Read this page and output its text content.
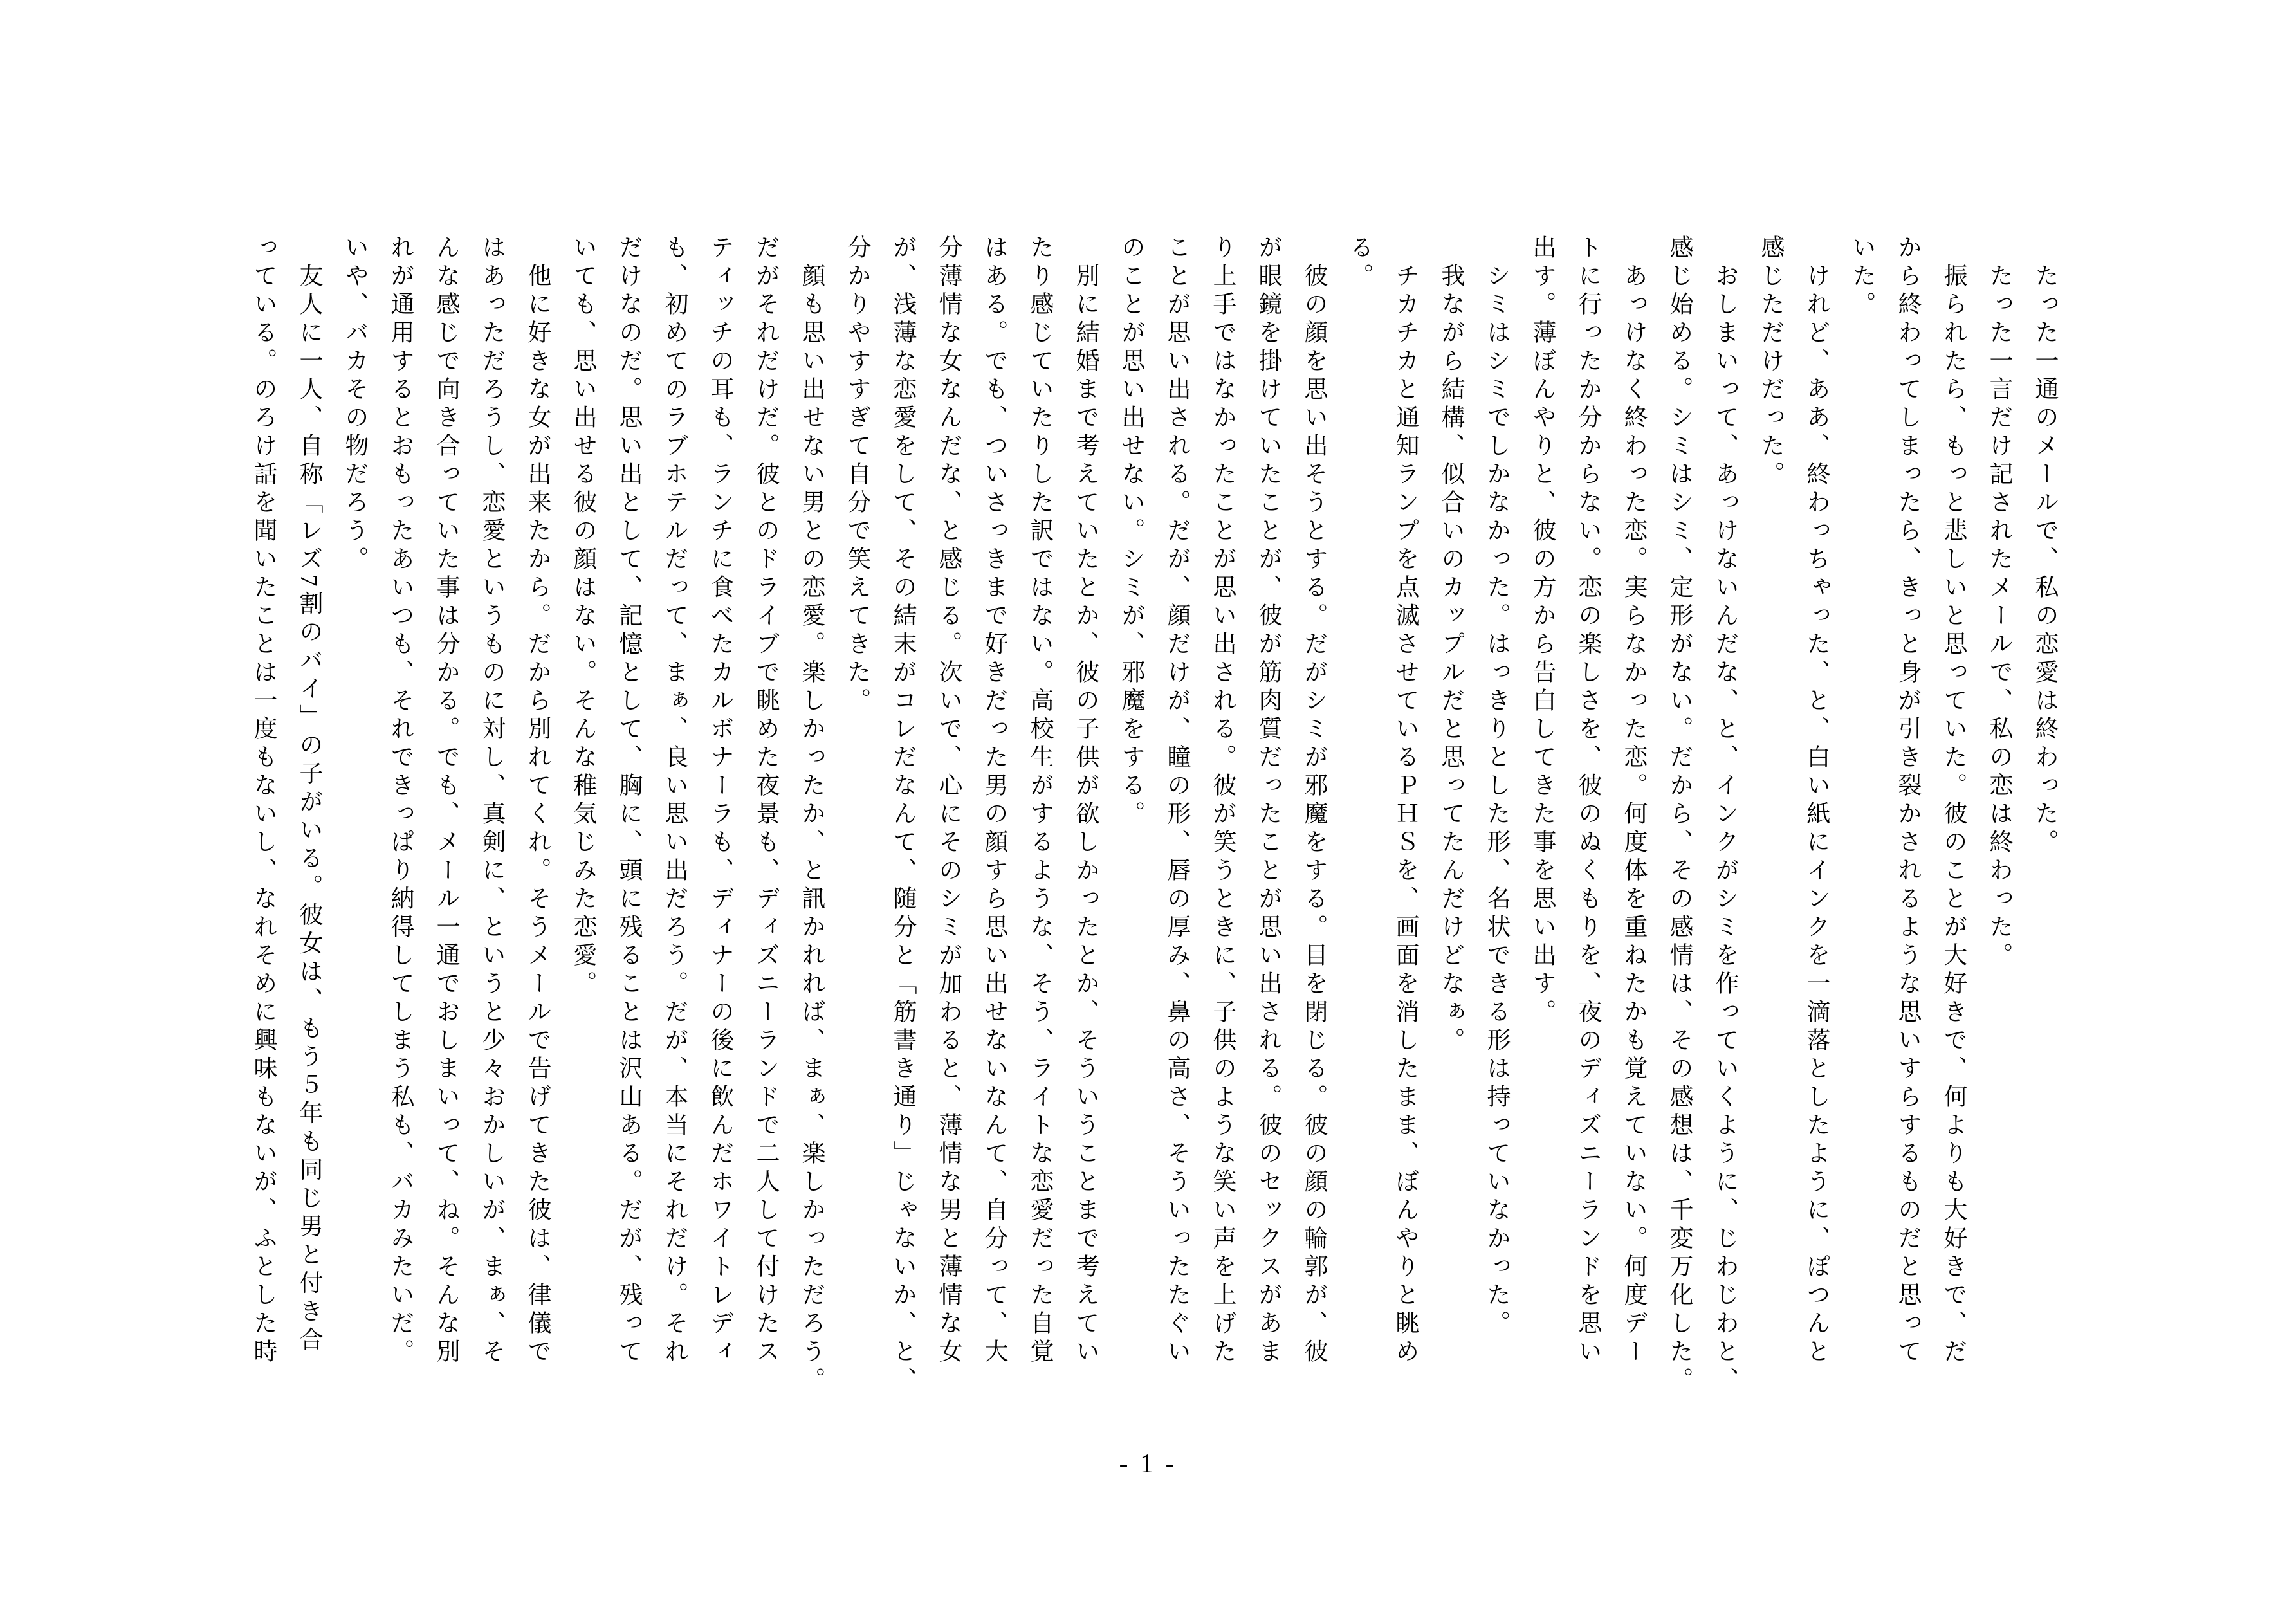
　たった一通のメールで、私の恋愛は終わった。
　たった一言だけ記されたメールで、私の恋は終わった。
　振られたら、もっと悲しいと思っていた。彼のことが大好きで、何よりも大好きで、だ
から終わってしまったら、きっと身が引き裂かされるような思いすらするものだと思って
いた。
　けれど、ああ、終わっちゃった、と、白い紙にインクを一滴落としたように、ぽつんと
感じただけだった。
　おしまいって、あっけないんだな、と、インクがシミを作っていくように、じわじわと、
感じ始める。シミはシミ、定形がない。だから、その感情は、その感想は、千変万化した。
　あっけなく終わった恋。実らなかった恋。何度体を重ねたかも覚えていない。何度デー
トに行ったか分からない。恋の楽しさを、彼のぬくもりを、夜のディズニーランドを思い
出す。薄ぼんやりと、彼の方から告白してきた事を思い出す。
　シミはシミでしかなかった。はっきりとした形、名状できる形は持っていなかった。
　我ながら結構、似合いのカップルだと思ってたんだけどなぁ。
　チカチカと通知ランプを点滅させているＰＨＳを、画面を消したまま、ぼんやりと眺め
る。
　彼の顔を思い出そうとする。だがシミが邪魔をする。目を閉じる。彼の顔の輪郭が、彼
が眼鏡を掛けていたことが、彼が筋肉質だったことが思い出される。彼のセックスがあま
り上手ではなかったことが思い出される。彼が笑うときに、子供のような笑い声を上げた
ことが思い出される。だが、顔だけが、瞳の形、唇の厚み、鼻の高さ、そういったたぐい
のことが思い出せない。シミが、邪魔をする。
　別に結婚まで考えていたとか、彼の子供が欲しかったとか、そういうことまで考えてい
たり感じていたりした訳ではない。高校生がするような、そう、ライトな恋愛だった自覚
はある。でも、ついさっきまで好きだった男の顔すら思い出せないなんて、自分って、大
分薄情な女なんだな、と感じる。次いで、心にそのシミが加わると、薄情な男と薄情な女
が、浅薄な恋愛をして、その結末がコレだなんて、随分と「筋書き通り」じゃないか、と、
分かりやすすぎて自分で笑えてきた。
　顔も思い出せない男との恋愛。楽しかったか、と訊かれれば、まぁ、楽しかっただろう。
だがそれだけだ。彼とのドライブで眺めた夜景も、ディズニーランドで二人して付けたス
ティッチの耳も、ランチに食べたカルボナーラも、ディナーの後に飲んだホワイトレディ
も、初めてのラブホテルだって、まぁ、良い思い出だろう。だが、本当にそれだけ。それ
だけなのだ。思い出として、記憶として、胸に、頭に残ることは沢山ある。だが、残って
いても、思い出せる彼の顔はない。そんな稚気じみた恋愛。
　他に好きな女が出来たから。だから別れてくれ。そうメールで告げてきた彼は、律儀で
はあっただろうし、恋愛というものに対し、真剣に、というと少々おかしいが、まぁ、そ
んな感じで向き合っていた事は分かる。でも、メール一通でおしまいって、ね。そんな別
れが通用するとおもったあいつも、それできっぱり納得してしまう私も、バカみたいだ。
いや、バカその物だろう。
　友人に一人、自称「レズ7割のバイ」の子がいる。彼女は、もう５年も同じ男と付き合
っている。のろけ話を聞いたことは一度もないし、なれそめに興味もないが、ふとした時
- 1 -
